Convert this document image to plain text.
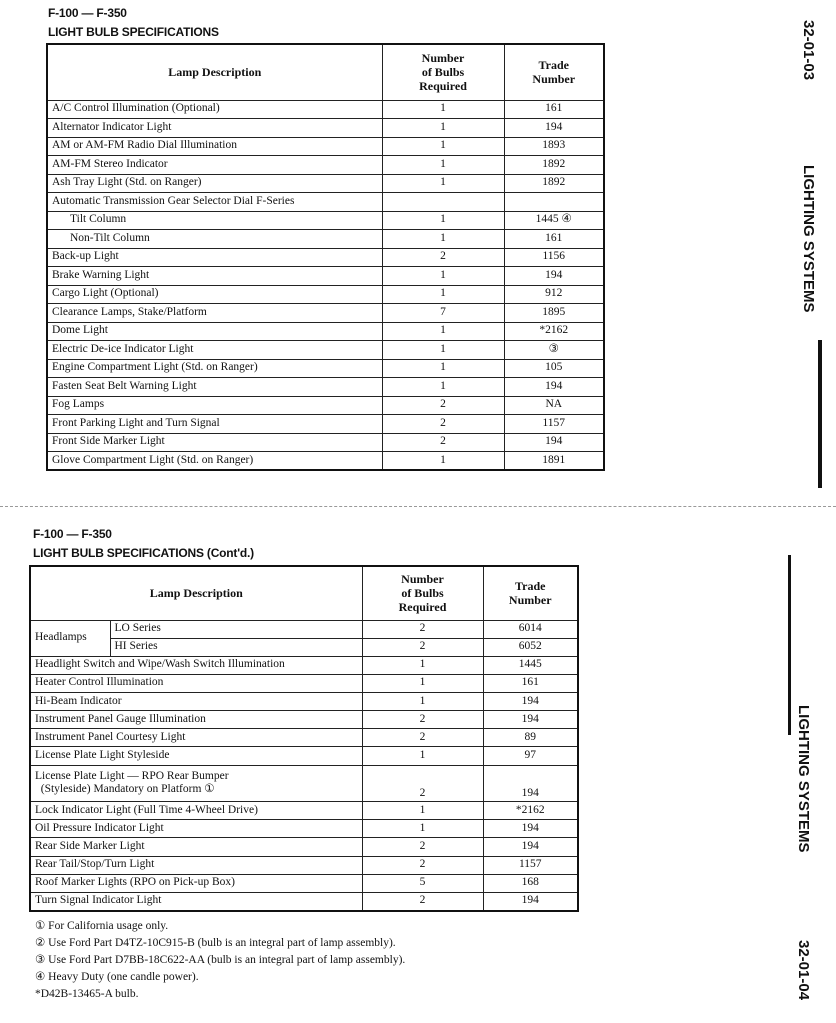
F-100 — F-350
LIGHT BULB SPECIFICATIONS
Lamp Description	Number
of Bulbs
Required	Trade
Number
A/C Control Illumination (Optional)	1	161
Alternator Indicator Light	1	194
AM or AM-FM Radio Dial Illumination	1	1893
AM-FM Stereo Indicator	1	1892
Ash Tray Light (Std. on Ranger)	1	1892
Automatic Transmission Gear Selector Dial F-Series		
Tilt Column	1	1445 ④
Non-Tilt Column	1	161
Back-up Light	2	1156
Brake Warning Light	1	194
Cargo Light (Optional)	1	912
Clearance Lamps, Stake/Platform	7	1895
Dome Light	1	*2162
Electric De-ice Indicator Light	1	③
Engine Compartment Light (Std. on Ranger)	1	105
Fasten Seat Belt Warning Light	1	194
Fog Lamps	2	NA
Front Parking Light and Turn Signal	2	1157
Front Side Marker Light	2	194
Glove Compartment Light (Std. on Ranger)	1	1891
32-01-03
LIGHTING SYSTEMS
F-100 — F-350
LIGHT BULB SPECIFICATIONS (Cont'd.)
Lamp Description		Number
of Bulbs
Required	Trade
Number
Headlamps	LO Series	2	6014
	HI Series	2	6052
Headlight Switch and Wipe/Wash Switch Illumination		1	1445
Heater Control Illumination		1	161
Hi-Beam Indicator		1	194
Instrument Panel Gauge Illumination		2	194
Instrument Panel Courtesy Light		2	89
License Plate Light Styleside		1	97
License Plate Light — RPO Rear Bumper
(Styleside) Mandatory on Platform ①		2	194
Lock Indicator Light (Full Time 4-Wheel Drive)		1	*2162
Oil Pressure Indicator Light		1	194
Rear Side Marker Light		2	194
Rear Tail/Stop/Turn Light		2	1157
Roof Marker Lights (RPO on Pick-up Box)		5	168
Turn Signal Indicator Light		2	194
① For California usage only.
② Use Ford Part D4TZ-10C915-B (bulb is an integral part of lamp assembly).
③ Use Ford Part D7BB-18C622-AA (bulb is an integral part of lamp assembly).
④ Heavy Duty (one candle power).
*D42B-13465-A bulb.
LIGHTING SYSTEMS
32-01-04
